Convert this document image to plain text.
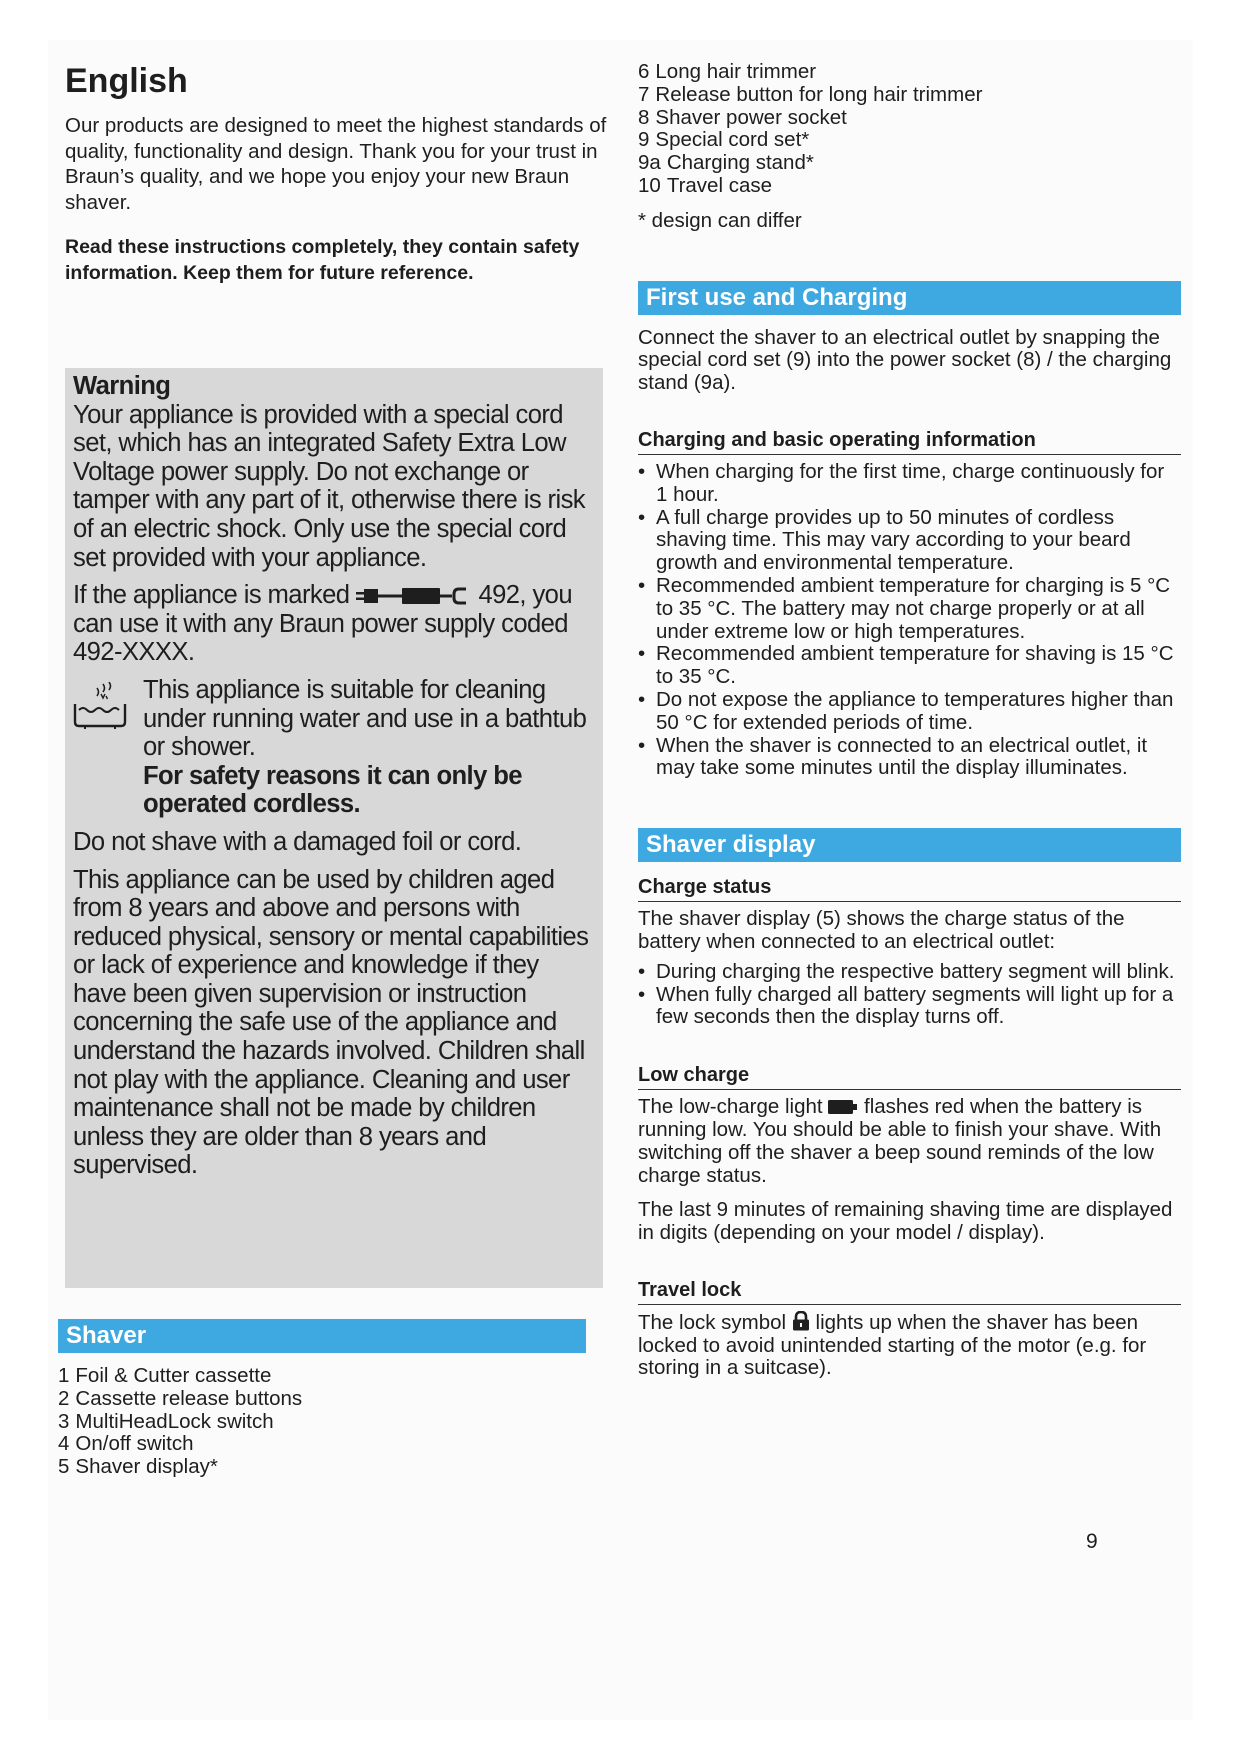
English

Our products are designed to meet the highest standards of quality, functionality and design. Thank you for your trust in Braun’s quality, and we hope you enjoy your new Braun shaver.

Read these instructions completely, they contain safety information. Keep them for future reference.

Warning

Your appliance is provided with a special cord set, which has an integrated Safety Extra Low Voltage power supply. Do not exchange or tamper with any part of it, otherwise there is risk of an electric shock. Only use the special cord set provided with your appliance.

If the appliance is marked	492, you can use it with any Braun power supply coded 492-XXXX.

This appliance is suitable for cleaning under running water and use in a bathtub or shower.

For safety reasons it can only be operated cordless.

Do not shave with a damaged foil or cord.

This appliance can be used by children aged from 8 years and above and persons with reduced physical, sensory or mental capabilities or lack of experience and knowledge if they have been given supervision or instruction concerning the safe use of the appliance and understand the hazards involved. Children shall not play with the appliance. Cleaning and user maintenance shall not be made by children unless they are older than 8 years and supervised.

Shaver
1 Foil & Cutter cassette
2 Cassette release buttons
3 MultiHeadLock switch
4 On/off switch
5 Shaver display*
6 Long hair trimmer
7 Release button for long hair trimmer
8 Shaver power socket
9 Special cord set*
9a Charging stand*
10 Travel case

* design can differ

First use and Charging

Connect the shaver to an electrical outlet by snapping the special cord set (9) into the power socket (8) / the charging stand (9a).

Charging and basic operating information

• When charging for the first time, charge continuously for 1 hour.
• A full charge provides up to 50 minutes of cordless shaving time. This may vary according to your beard growth and environmental temperature.
• Recommended ambient temperature for charging is 5 °C to 35 °C. The battery may not charge properly or at all under extreme low or high temperatures.
• Recommended ambient temperature for shaving is 15 °C to 35 °C.
• Do not expose the appliance to temperatures higher than 50 °C for extended periods of time.
• When the shaver is connected to an electrical outlet, it may take some minutes until the display illuminates.
Shaver display

Charge status

The shaver display (5) shows the charge status of the battery when connected to an electrical outlet:

• During charging the respective battery segment will blink.
• When fully charged all battery segments will light up for a few seconds then the display turns off.

Low charge

The low-charge light flashes red when the battery is running low. You should be able to finish your shave. With switching off the shaver a beep sound reminds of the low charge status.

The last 9 minutes of remaining shaving time are displayed in digits (depending on your model / display).

Travel lock

The lock symbol lights up when the shaver has been locked to avoid unintended starting of the motor (e.g. for storing in a suitcase).

9
